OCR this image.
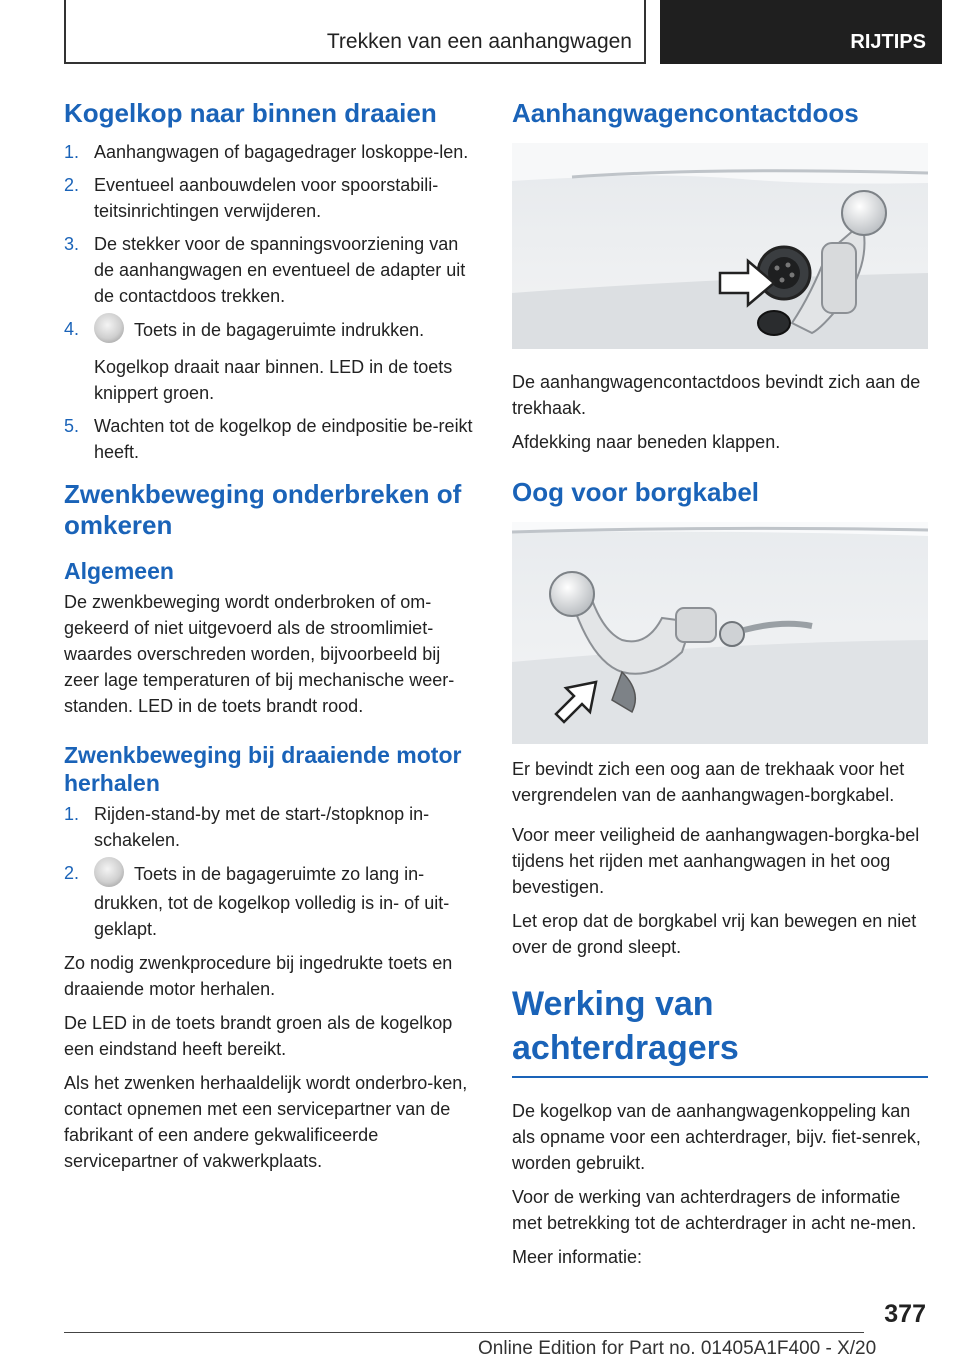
Trekken van een aanhangwagen	RIJTIPS
Kogelkop naar binnen draaien
1. Aanhangwagen of bagagedrager loskoppe‐len.
2. Eventueel aanbouwdelen voor spoorstabili‐teitsinrichtingen verwijderen.
3. De stekker voor de spanningsvoorziening van de aanhangwagen en eventueel de adapter uit de contactdoos trekken.
4.	Toets in de bagageruimte indrukken.
Kogelkop draait naar binnen. LED in de toets knippert groen.
5. Wachten tot de kogelkop de eindpositie be‐reikt heeft.
Zwenkbeweging onderbreken of omkeren
Algemeen

De zwenkbeweging wordt onderbroken of om‐gekeerd of niet uitgevoerd als de stroomlimiet‐waardes overschreden worden, bijvoorbeeld bij zeer lage temperaturen of bij mechanische weer‐standen. LED in de toets brandt rood.

Zwenkbeweging bij draaiende motor herhalen
1. Rijden-stand-by met de start-/stopknop in‐schakelen.
2.	Toets in de bagageruimte zo lang in‐drukken, tot de kogelkop volledig is in- of uit‐geklapt.

Zo nodig zwenkprocedure bij ingedrukte toets en draaiende motor herhalen.

De LED in de toets brandt groen als de kogelkop een eindstand heeft bereikt.

Als het zwenken herhaaldelijk wordt onderbro‐ken, contact opnemen met een servicepartner van de fabrikant of een andere gekwalificeerde servicepartner of vakwerkplaats.

Aanhangwagencontactdoos

De aanhangwagencontactdoos bevindt zich aan de trekhaak.

Afdekking naar beneden klappen.

Oog voor borgkabel

Er bevindt zich een oog aan de trekhaak voor het vergrendelen van de aanhangwagen-borgkabel.

Voor meer veiligheid de aanhangwagen-borgka‐bel tijdens het rijden met aanhangwagen in het oog bevestigen.

Let erop dat de borgkabel vrij kan bewegen en niet over de grond sleept.

Werking van achterdragers

De kogelkop van de aanhangwagenkoppeling kan als opname voor een achterdrager, bijv. fiet‐senrek, worden gebruikt.

Voor de werking van achterdragers de informatie met betrekking tot de achterdrager in acht ne‐men.

Meer informatie:

377
Online Edition for Part no. 01405A1F400 - X/20
